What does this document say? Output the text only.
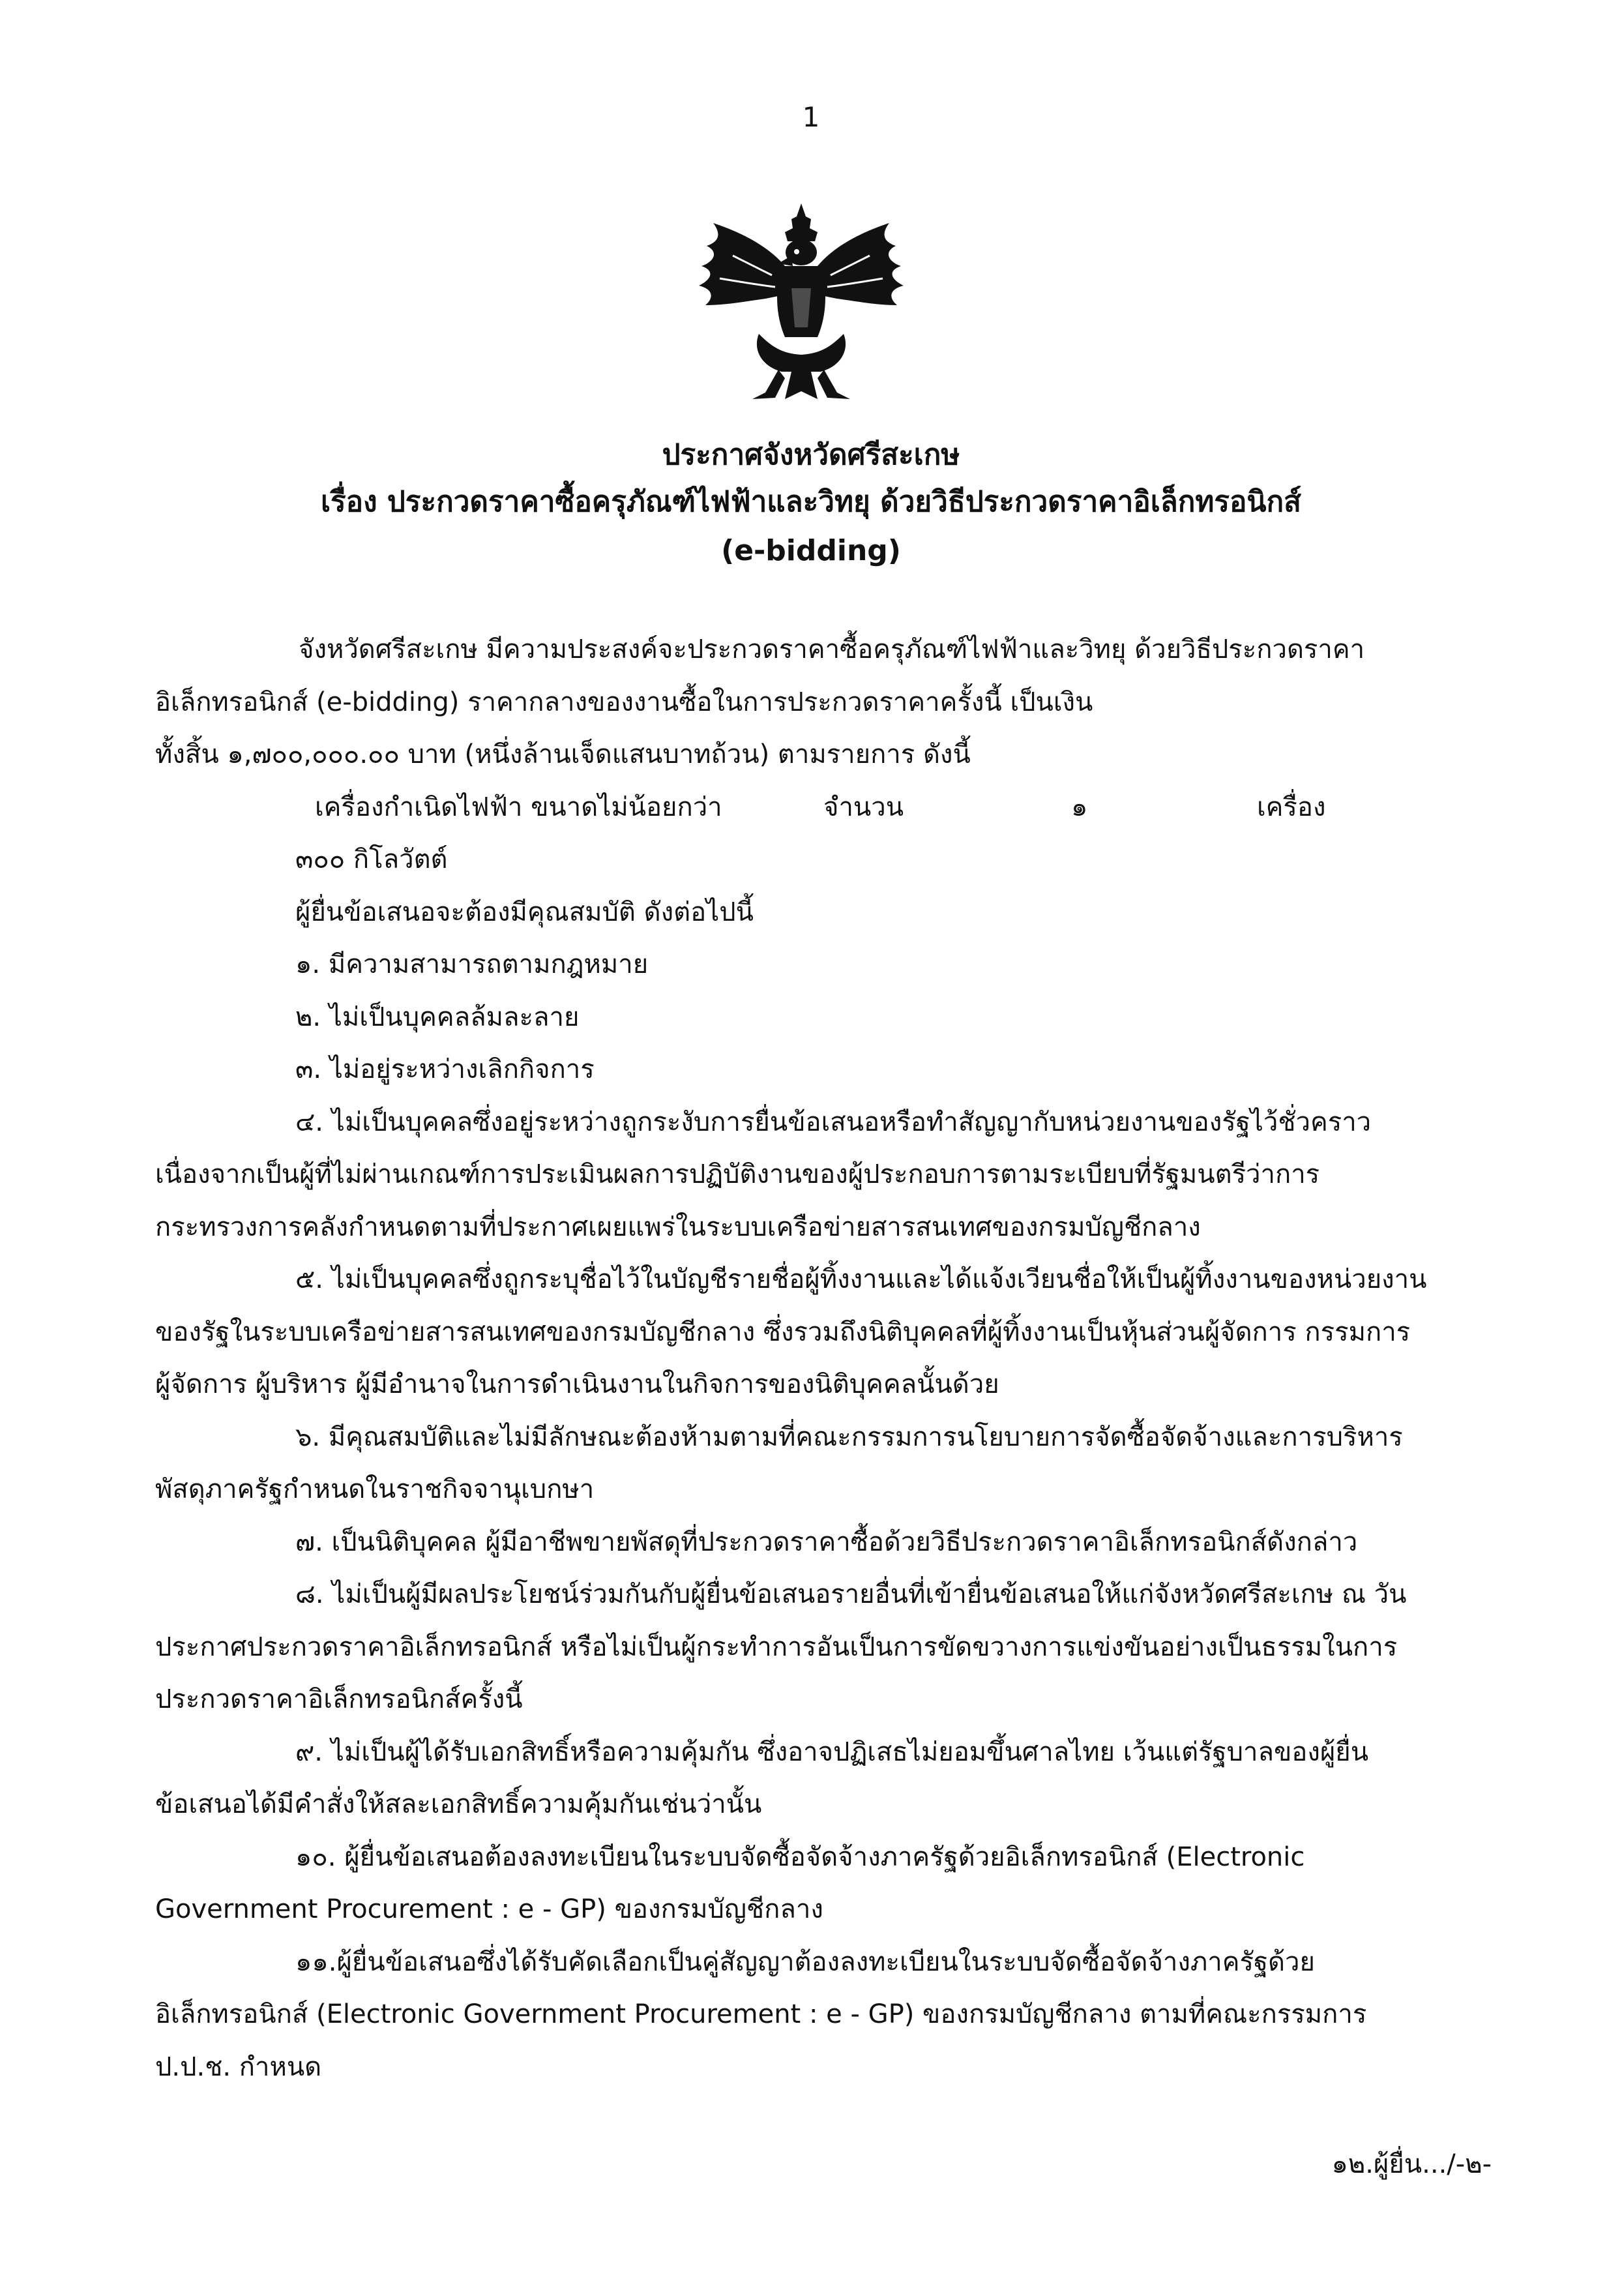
1
ประกาศจังหวัดศรีสะเกษ
เรื่อง ประกวดราคาซื้อครุภัณฑ์ไฟฟ้าและวิทยุ ด้วยวิธีประกวดราคาอิเล็กทรอนิกส์
(e-bidding)
จังหวัดศรีสะเกษ มีความประสงค์จะประกวดราคาซื้อครุภัณฑ์ไฟฟ้าและวิทยุ ด้วยวิธีประกวดราคา
อิเล็กทรอนิกส์ (e-bidding) ราคากลางของงานซื้อในการประกวดราคาครั้งนี้ เป็นเงิน
ทั้งสิ้น ๑,๗๐๐,๐๐๐.๐๐ บาท (หนึ่งล้านเจ็ดแสนบาทถ้วน) ตามรายการ ดังนี้
เครื่องกำเนิดไฟฟ้า ขนาดไม่น้อยกว่า	จำนวน	๑	เครื่อง
๓๐๐ กิโลวัตต์
ผู้ยื่นข้อเสนอจะต้องมีคุณสมบัติ ดังต่อไปนี้
๑. มีความสามารถตามกฎหมาย
๒. ไม่เป็นบุคคลล้มละลาย
๓. ไม่อยู่ระหว่างเลิกกิจการ
๔. ไม่เป็นบุคคลซึ่งอยู่ระหว่างถูกระงับการยื่นข้อเสนอหรือทำสัญญากับหน่วยงานของรัฐไว้ชั่วคราว
เนื่องจากเป็นผู้ที่ไม่ผ่านเกณฑ์การประเมินผลการปฏิบัติงานของผู้ประกอบการตามระเบียบที่รัฐมนตรีว่าการ
กระทรวงการคลังกำหนดตามที่ประกาศเผยแพร่ในระบบเครือข่ายสารสนเทศของกรมบัญชีกลาง
๕. ไม่เป็นบุคคลซึ่งถูกระบุชื่อไว้ในบัญชีรายชื่อผู้ทิ้งงานและได้แจ้งเวียนชื่อให้เป็นผู้ทิ้งงานของหน่วยงาน
ของรัฐในระบบเครือข่ายสารสนเทศของกรมบัญชีกลาง ซึ่งรวมถึงนิติบุคคลที่ผู้ทิ้งงานเป็นหุ้นส่วนผู้จัดการ กรรมการ
ผู้จัดการ ผู้บริหาร ผู้มีอำนาจในการดำเนินงานในกิจการของนิติบุคคลนั้นด้วย
๖. มีคุณสมบัติและไม่มีลักษณะต้องห้ามตามที่คณะกรรมการนโยบายการจัดซื้อจัดจ้างและการบริหาร
พัสดุภาครัฐกำหนดในราชกิจจานุเบกษา
๗. เป็นนิติบุคคล ผู้มีอาชีพขายพัสดุที่ประกวดราคาซื้อด้วยวิธีประกวดราคาอิเล็กทรอนิกส์ดังกล่าว
๘. ไม่เป็นผู้มีผลประโยชน์ร่วมกันกับผู้ยื่นข้อเสนอรายอื่นที่เข้ายื่นข้อเสนอให้แก่จังหวัดศรีสะเกษ ณ วัน
ประกาศประกวดราคาอิเล็กทรอนิกส์ หรือไม่เป็นผู้กระทำการอันเป็นการขัดขวางการแข่งขันอย่างเป็นธรรมในการ
ประกวดราคาอิเล็กทรอนิกส์ครั้งนี้
๙. ไม่เป็นผู้ได้รับเอกสิทธิ์หรือความคุ้มกัน ซึ่งอาจปฏิเสธไม่ยอมขึ้นศาลไทย เว้นแต่รัฐบาลของผู้ยื่น
ข้อเสนอได้มีคำสั่งให้สละเอกสิทธิ์ความคุ้มกันเช่นว่านั้น
๑๐. ผู้ยื่นข้อเสนอต้องลงทะเบียนในระบบจัดซื้อจัดจ้างภาครัฐด้วยอิเล็กทรอนิกส์ (Electronic
Government Procurement : e - GP) ของกรมบัญชีกลาง
๑๑.ผู้ยื่นข้อเสนอซึ่งได้รับคัดเลือกเป็นคู่สัญญาต้องลงทะเบียนในระบบจัดซื้อจัดจ้างภาครัฐด้วย
อิเล็กทรอนิกส์ (Electronic Government Procurement : e - GP) ของกรมบัญชีกลาง ตามที่คณะกรรมการ
ป.ป.ช. กำหนด
๑๒.ผู้ยื่น.../-๒-
